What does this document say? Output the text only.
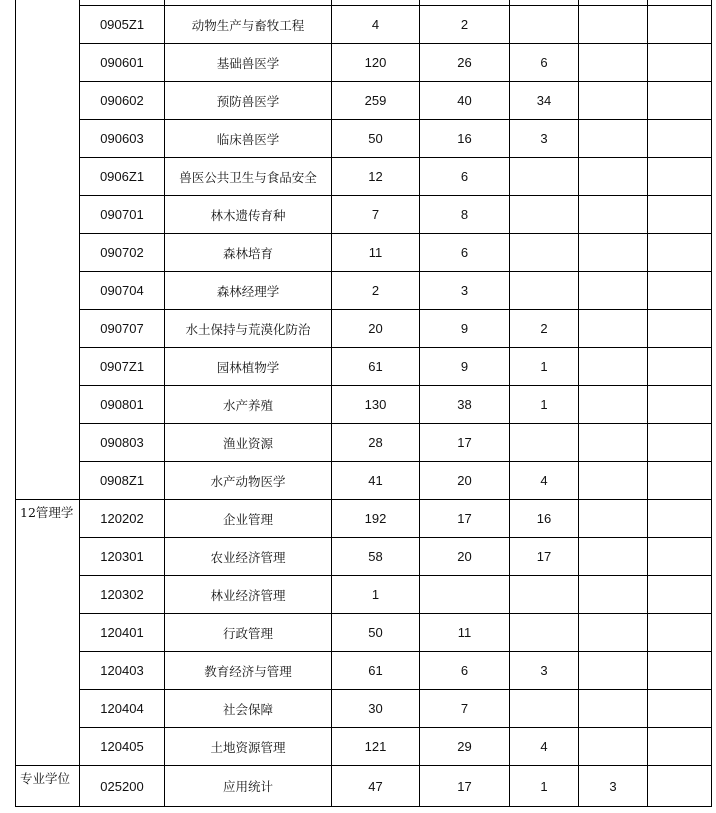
	0905Z1	动物生产与畜牧工程	4	2			
	090601	基础兽医学	120	26	6		
	090602	预防兽医学	259	40	34		
	090603	临床兽医学	50	16	3		
	0906Z1	兽医公共卫生与食品安全	12	6			
	090701	林木遗传育种	7	8			
	090702	森林培育	11	6			
	090704	森林经理学	2	3			
	090707	水土保持与荒漠化防治	20	9	2		
	0907Z1	园林植物学	61	9	1		
	090801	水产养殖	130	38	1		
	090803	渔业资源	28	17			
	0908Z1	水产动物医学	41	20	4		
12管理学	120202	企业管理	192	17	16		
	120301	农业经济管理	58	20	17		
	120302	林业经济管理	1				
	120401	行政管理	50	11			
	120403	教育经济与管理	61	6	3		
	120404	社会保障	30	7			
	120405	土地资源管理	121	29	4		
专业学位	025200	应用统计	47	17	1	3	
